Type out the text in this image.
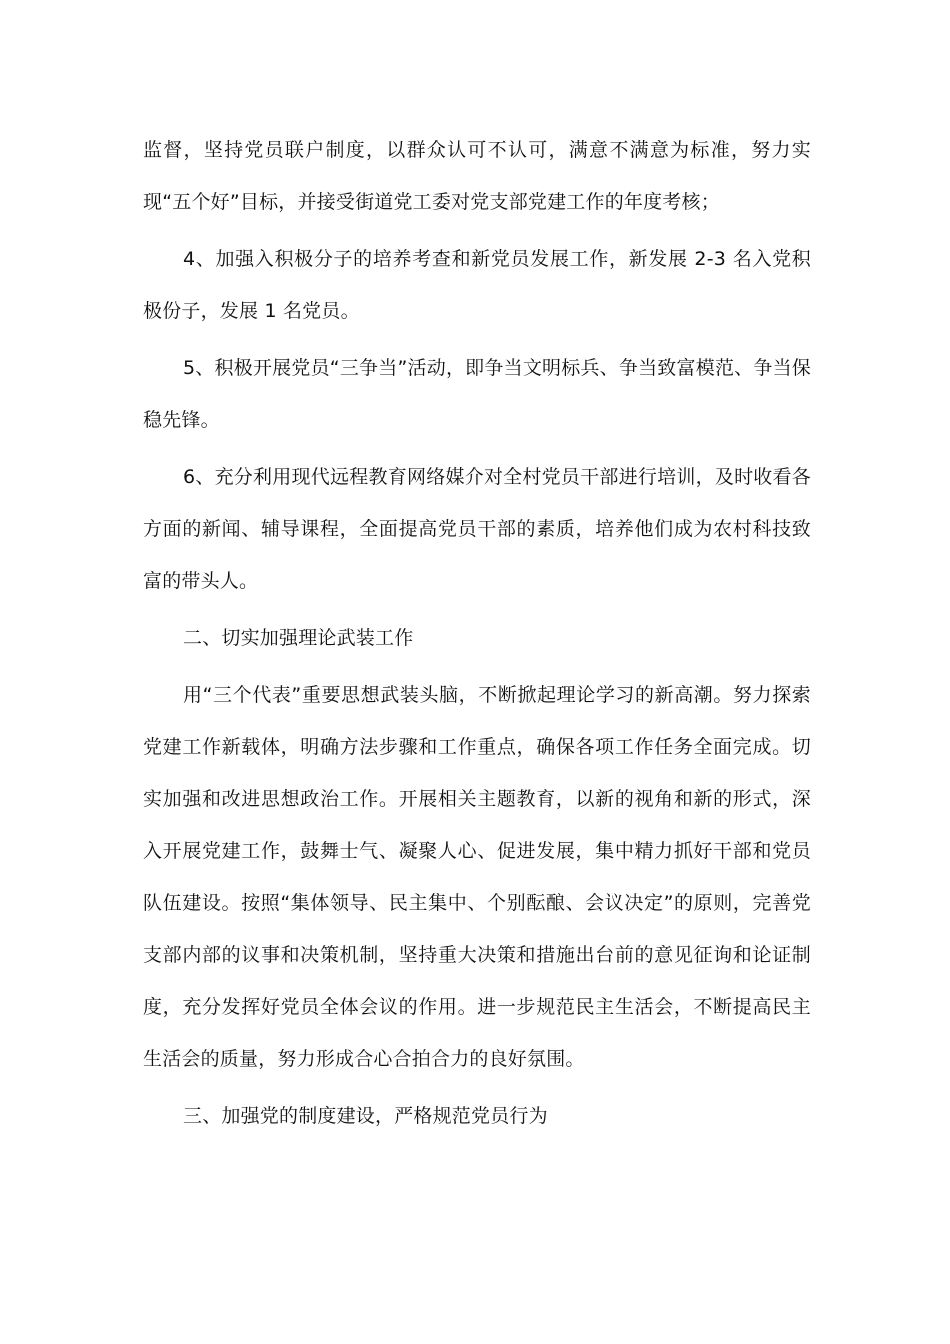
监督，坚持党员联户制度，以群众认可不认可，满意不满意为标准，努力实现“五个好”目标，并接受街道党工委对党支部党建工作的年度考核；

4、加强入积极分子的培养考查和新党员发展工作，新发展 2-3 名入党积极份子，发展 1 名党员。

5、积极开展党员“三争当”活动，即争当文明标兵、争当致富模范、争当保稳先锋。

6、充分利用现代远程教育网络媒介对全村党员干部进行培训，及时收看各方面的新闻、辅导课程，全面提高党员干部的素质，培养他们成为农村科技致富的带头人。

二、切实加强理论武装工作

用“三个代表”重要思想武装头脑，不断掀起理论学习的新高潮。努力探索党建工作新载体，明确方法步骤和工作重点，确保各项工作任务全面完成。切实加强和改进思想政治工作。开展相关主题教育，以新的视角和新的形式，深入开展党建工作，鼓舞士气、凝聚人心、促进发展，集中精力抓好干部和党员队伍建设。按照“集体领导、民主集中、个别酝酿、会议决定”的原则，完善党支部内部的议事和决策机制，坚持重大决策和措施出台前的意见征询和论证制度，充分发挥好党员全体会议的作用。进一步规范民主生活会，不断提高民主生活会的质量，努力形成合心合拍合力的良好氛围。

三、加强党的制度建设，严格规范党员行为
